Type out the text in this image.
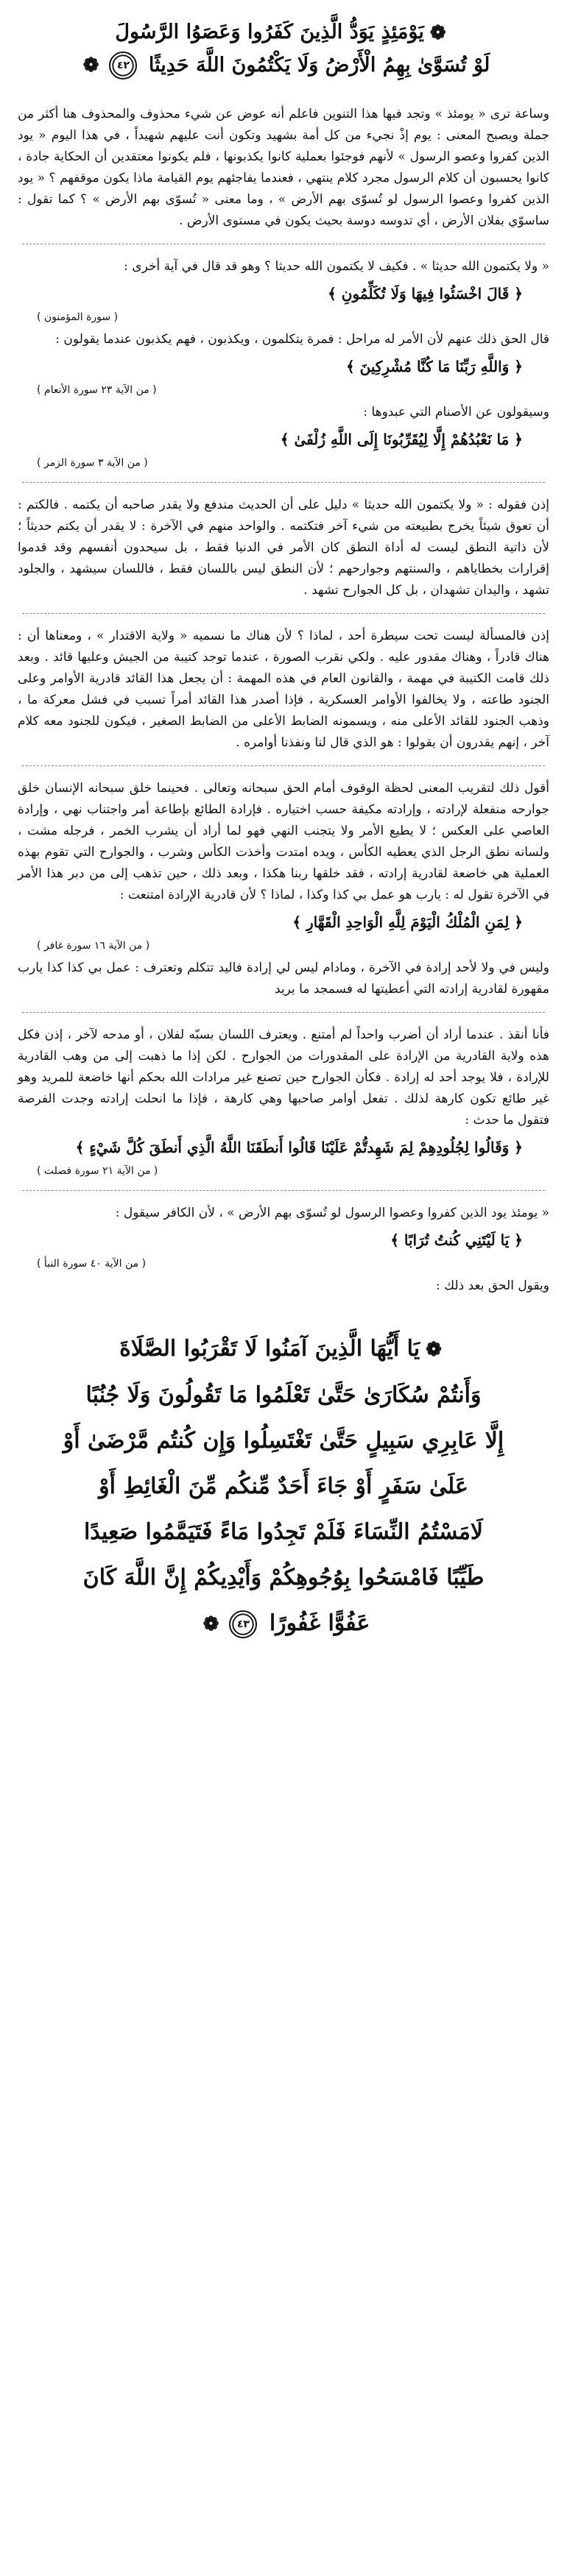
❁يَوْمَئِذٍ يَوَدُّ الَّذِينَ كَفَرُوا وَعَصَوُا الرَّسُولَ

لَوْ تُسَوَّىٰ بِهِمُ الْأَرْضُ وَلَا يَكْتُمُونَ اللَّهَ حَدِيثًا ٤٢❁

وساعة ترى « يومئذ » وتجد فيها هذا التنوين فاعلم أنه عوض عن شيء محذوف والمحذوف هنا أكثر من جملة ويصبح المعنى : يوم إذْ نجيء من كل أمة بشهيد وتكون أنت عليهم شهيداً ، في هذا اليوم « يود الذين كفروا وعصو الرسول » لأنهم فوجئوا بعملية كانوا يكذبونها ، فلم يكونوا معتقدين أن الحكاية جادة ، كانوا يحسبون أن كلام الرسول مجرد كلام ينتهي ، فعندما يفاجئهم يوم القيامة ماذا يكون موقفهم ؟ « يود الذين كفروا وعصوا الرسول لو تُسوّى بهم الأرض » ، وما معنى « تُسوّى بهم الأرض » ؟ كما تقول : ساسوّي بفلان الأرض ، أي تدوسه دوسة بحيث يكون في مستوى الأرض .

« ولا يكتمون الله حديثا » . فكيف لا يكتمون الله حديثا ؟ وهو قد قال في آية أخرى :

﴿ قَالَ اخْسَئُوا فِيهَا وَلَا تُكَلِّمُونِ ﴾

( سورة المؤمنون )

قال الحق ذلك عنهم لأن الأمر له مراحل : فمرة يتكلمون ، ويكذبون ، فهم يكذبون عندما يقولون :

﴿ وَاللَّهِ رَبِّنَا مَا كُنَّا مُشْرِكِينَ ﴾

( من الآية ٢٣ سورة الأنعام )

وسيقولون عن الأصنام التي عبدوها :

﴿ مَا نَعْبُدُهُمْ إِلَّا لِيُقَرِّبُونَا إِلَى اللَّهِ زُلْفَىٰ ﴾

( من الآية ٣ سورة الزمر )

إذن فقوله : « ولا يكتمون الله حديثا » دليل على أن الحديث مندفع ولا يقدر صاحبه أن يكتمه . فالكتم : أن تعوق شيئاً يخرج بطبيعته من شيء آخر فتكتمه . والواحد منهم في الآخرة : لا يقدر أن يكتم حديثاً ؛ لأن ذاتية النطق ليست له أداة النطق كان الأمر في الدنيا فقط ، بل سيحدون أنفسهم وقد قدموا إقرارات بخطاياهم ، والسنتهم وجوارحهم ؛ لأن النطق ليس باللسان فقط ، فاللسان سيشهد ، والجلود تشهد ، واليدان تشهدان ، بل كل الجوارح تشهد .

إذن فالمسألة ليست تحت سيطرة أحد ، لماذا ؟ لأن هناك ما نسميه « ولاية الاقتدار » ، ومعناها أن : هناك قادراً ، وهناك مقدور عليه . ولكي نقرب الصورة ، عندما توجد كتيبة من الجيش وعليها قائد . وبعد ذلك قامت الكتيبة في مهمة ، والقانون العام في هذه المهمة : أن يجعل هذا القائد قادرية الأوامر وعلى الجنود طاعته ، ولا يخالفوا الأوامر العسكرية ، فإذا أصدر هذا القائد أمراً تسبب في فشل معركة ما ، وذهب الجنود للقائد الأعلى منه ، ويسمونه الضابط الأعلى من الضابط الصغير ، فيكون للجنود معه كلام آخر ، إنهم يقدرون أن يقولوا : هو الذي قال لنا ونفذنا أوامره .

أقول ذلك لتقريب المعنى لحظة الوقوف أمام الحق سبحانه وتعالى . فحينما خلق سبحانه الإنسان خلق جوارحه منفعلة لإرادته ، وإرادته مكيفة حسب اختياره . فإرادة الطائع بإطاعة أمر واجتناب نهي ، وإرادة العاصي على العكس ؛ لا يطيع الأمر ولا يتجنب النهي فهو لما أراد أن يشرب الخمر ، فرجله مشت ، ولسانه نطق الرجل الذي يعطيه الكأس ، ويده امتدت وأخذت الكأس وشرب ، والجوارح التي تقوم بهذه العملية هي خاضعة لقادرية إرادته ، فقد خلقها ربنا هكذا ، وبعد ذلك ، حين تذهب إلى من دبر هذا الأمر في الآخرة تقول له : يارب هو عمل بي كذا وكذا ، لماذا ؟ لأن قادرية الإرادة امتنعت :

﴿ لِمَنِ الْمُلْكُ الْيَوْمَ لِلَّهِ الْوَاحِدِ الْقَهَّارِ ﴾

( من الآية ١٦ سورة غافر )

وليس في ولا لأحد إرادة في الآخرة ، ومادام ليس لي إرادة فاليد تتكلم وتعترف : عمل بي كذا كذا يارب مقهورة لقادرية إرادته التي أعطيتها له فسمجد ما يريد

فأنا أنقذ . عندما أراد أن أضرب واحداً لم أمتنع . ويعترف اللسان بسبّه لفلان ، أو مدحه لآخر ، إذن فكل هذه ولاية القادرية من الإرادة على المقدورات من الجوارح . لكن إذا ما ذهبت إلى من وهب القادرية للإرادة ، فلا يوجد أحد له إرادة . فكأن الجوارح حين تصنع غير مرادات الله بحكم أنها خاضعة للمريد وهو غير طائع تكون كارهة لذلك . تفعل أوامر صاحبها وهي كارهة ، فإذا ما انحلت إرادته وجدت الفرصة فتقول ما حدث :

﴿ وَقَالُوا لِجُلُودِهِمْ لِمَ شَهِدتُّمْ عَلَيْنَا قَالُوا أَنطَقَنَا اللَّهُ الَّذِي أَنطَقَ كُلَّ شَيْءٍ ﴾

( من الآية ٢١ سورة فصلت )

« يومئذ يود الذين كفروا وعصوا الرسول لو تُسوّى بهم الأرض » ، لأن الكافر سيقول :

﴿ يَا لَيْتَنِي كُنتُ تُرَابًا ﴾

( من الآية ٤٠ سورة النبأ )

ويقول الحق بعد ذلك :

❁يَا أَيُّهَا الَّذِينَ آمَنُوا لَا تَقْرَبُوا الصَّلَاةَ

وَأَنتُمْ سُكَارَىٰ حَتَّىٰ تَعْلَمُوا مَا تَقُولُونَ وَلَا جُنُبًا

إِلَّا عَابِرِي سَبِيلٍ حَتَّىٰ تَغْتَسِلُوا وَإِن كُنتُم مَّرْضَىٰ أَوْ

عَلَىٰ سَفَرٍ أَوْ جَاءَ أَحَدٌ مِّنكُم مِّنَ الْغَائِطِ أَوْ

لَامَسْتُمُ النِّسَاءَ فَلَمْ تَجِدُوا مَاءً فَتَيَمَّمُوا صَعِيدًا

طَيِّبًا فَامْسَحُوا بِوُجُوهِكُمْ وَأَيْدِيكُمْ إِنَّ اللَّهَ كَانَ

عَفُوًّا غَفُورًا ٤٣❁
